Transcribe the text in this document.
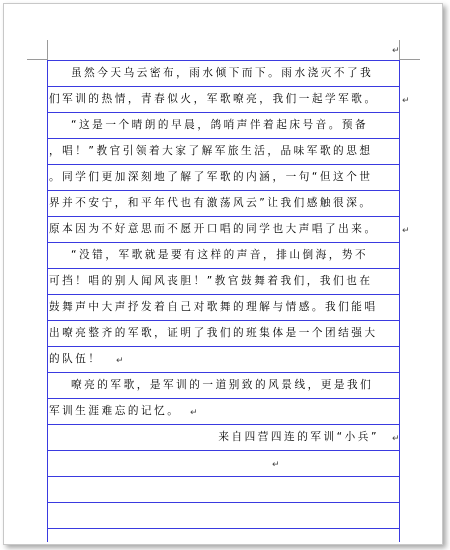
↵
↵
↵
↵
↵
↵
↵
虽然今天乌云密布，雨水倾下而下。雨水浇灭不了我
们军训的热情，青春似火，军歌嘹亮，我们一起学军歌。
“这是一个晴朗的早晨，鸽哨声伴着起床号音。预备
，唱！”教官引领着大家了解军旅生活，品味军歌的思想
。同学们更加深刻地了解了军歌的内涵，一句“但这个世
界并不安宁，和平年代也有激荡风云”让我们感触很深。
原本因为不好意思而不愿开口唱的同学也大声唱了出来。
“没错，军歌就是要有这样的声音，排山倒海，势不
可挡！唱的别人闻风丧胆！”教官鼓舞着我们，我们也在
鼓舞声中大声抒发着自己对歌舞的理解与情感。我们能唱
出嘹亮整齐的军歌，证明了我们的班集体是一个团结强大
的队伍！
嘹亮的军歌，是军训的一道别致的风景线，更是我们
军训生涯难忘的记忆。
来自四营四连的军训“小兵”
